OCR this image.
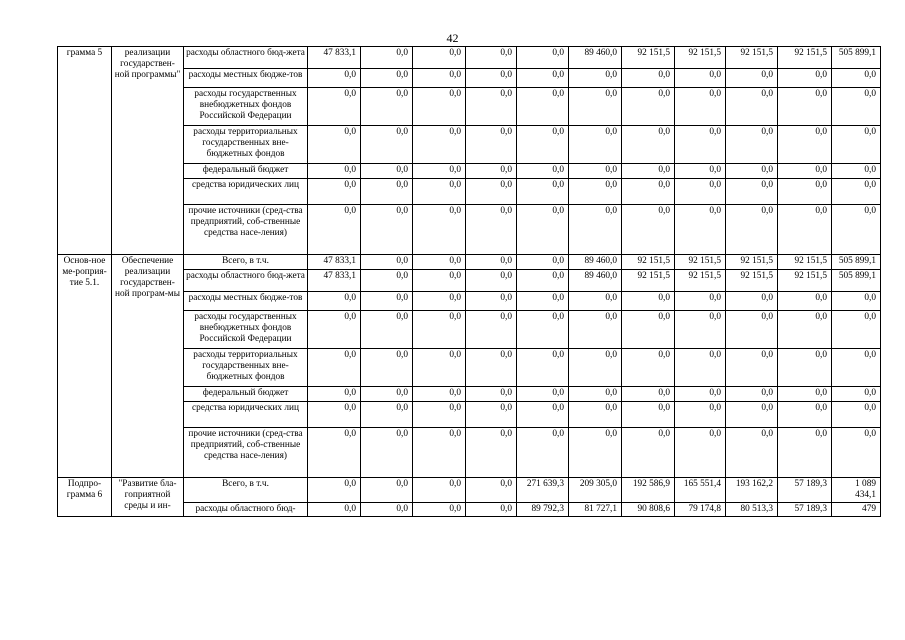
42
грамма 5	реализации государствен-ной программы"	расходы областного бюд-жета	47 833,1	0,0	0,0	0,0	0,0	89 460,0	92 151,5	92 151,5	92 151,5	92 151,5	505 899,1
		расходы местных бюдже-тов	0,0	0,0	0,0	0,0	0,0	0,0	0,0	0,0	0,0	0,0	0,0
		расходы государственных внебюджетных фондов Российской Федерации	0,0	0,0	0,0	0,0	0,0	0,0	0,0	0,0	0,0	0,0	0,0
		расходы территориальных государственных вне-бюджетных фондов	0,0	0,0	0,0	0,0	0,0	0,0	0,0	0,0	0,0	0,0	0,0
		федеральный бюджет	0,0	0,0	0,0	0,0	0,0	0,0	0,0	0,0	0,0	0,0	0,0
		средства юридических лиц	0,0	0,0	0,0	0,0	0,0	0,0	0,0	0,0	0,0	0,0	0,0
		прочие источники (сред-ства предприятий, соб-ственные средства насе-ления)	0,0	0,0	0,0	0,0	0,0	0,0	0,0	0,0	0,0	0,0	0,0
Основ-ное ме-роприя-тие 5.1.	Обеспечение реализации государствен-ной програм-мы	Всего, в т.ч.	47 833,1	0,0	0,0	0,0	0,0	89 460,0	92 151,5	92 151,5	92 151,5	92 151,5	505 899,1
		расходы областного бюд-жета	47 833,1	0,0	0,0	0,0	0,0	89 460,0	92 151,5	92 151,5	92 151,5	92 151,5	505 899,1
		расходы местных бюдже-тов	0,0	0,0	0,0	0,0	0,0	0,0	0,0	0,0	0,0	0,0	0,0
		расходы государственных внебюджетных фондов Российской Федерации	0,0	0,0	0,0	0,0	0,0	0,0	0,0	0,0	0,0	0,0	0,0
		расходы территориальных государственных вне-бюджетных фондов	0,0	0,0	0,0	0,0	0,0	0,0	0,0	0,0	0,0	0,0	0,0
		федеральный бюджет	0,0	0,0	0,0	0,0	0,0	0,0	0,0	0,0	0,0	0,0	0,0
		средства юридических лиц	0,0	0,0	0,0	0,0	0,0	0,0	0,0	0,0	0,0	0,0	0,0
		прочие источники (сред-ства предприятий, соб-ственные средства насе-ления)	0,0	0,0	0,0	0,0	0,0	0,0	0,0	0,0	0,0	0,0	0,0
Подпро-грамма 6	"Развитие бла-гоприятной среды и ин-	Всего, в т.ч.	0,0	0,0	0,0	0,0	271 639,3	209 305,0	192 586,9	165 551,4	193 162,2	57 189,3	1 089 434,1
		расходы областного бюд-	0,0	0,0	0,0	0,0	89 792,3	81 727,1	90 808,6	79 174,8	80 513,3	57 189,3	479
